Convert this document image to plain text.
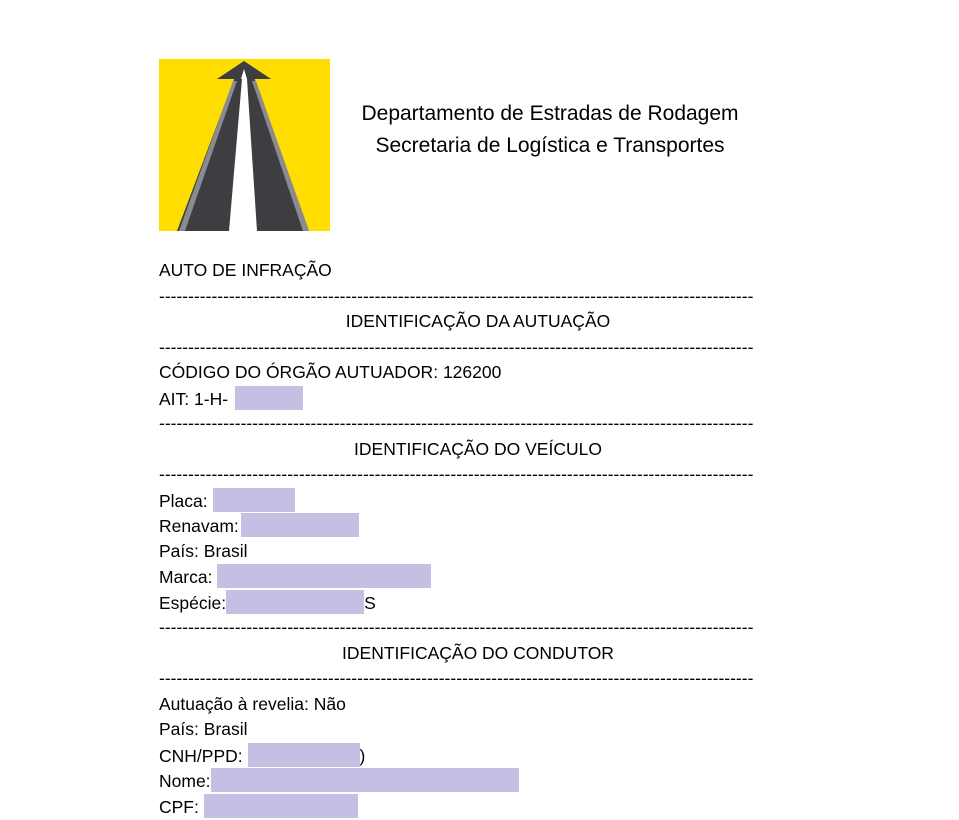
Departamento de Estradas de Rodagem
Secretaria de Logística e Transportes
AUTO DE INFRAÇÃO
------------------------------------------------------------------------------------------------------
IDENTIFICAÇÃO DA AUTUAÇÃO
------------------------------------------------------------------------------------------------------
CÓDIGO DO ÓRGÃO AUTUADOR: 126200
AIT: 1-H-
------------------------------------------------------------------------------------------------------
IDENTIFICAÇÃO DO VEÍCULO
------------------------------------------------------------------------------------------------------
Placa:
Renavam:
País: Brasil
Marca:
Espécie:	S
------------------------------------------------------------------------------------------------------
IDENTIFICAÇÃO DO CONDUTOR
------------------------------------------------------------------------------------------------------
Autuação à revelia: Não
País: Brasil
CNH/PPD:	)
Nome:
CPF:
